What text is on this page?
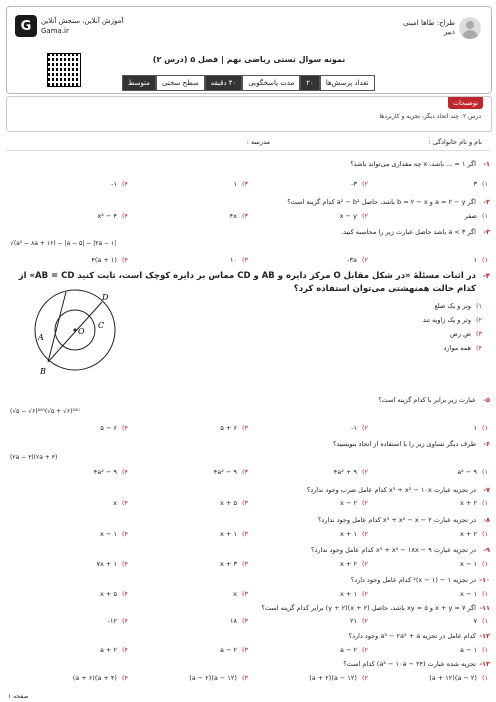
G	آموزش آنلاین، سنجش آنلاین
Gama.ir
طراح: طاها امینی
دبیر
نمونه سوال تستی ریاضی نهم | فصل ۵ (درس ۲)
تعداد پرسش‌ها
۲۰
مدت پاسخگویی
۴۰ دقیقه
سطح سختی
متوسط
توضیحات
درس ۲: چند اتحاد دیگر، تجزیه و کاربردها
نام و نام خانوادگی :
مدرسه :
۱-
اگر ۱ = ... باشد، x چه مقداری می‌تواند باشد؟
۱)۳
۲)-۳
۳)۱
۴)-۱
۲-
اگر a = ۲ − y و b = ۲ − x باشد، حاصل a² − b² کدام گزینه است؟
۱)صفر
۲)x − y
۳)۴x
۴)x² − ۴
۳-
اگر a < ۳ باشد حاصل عبارت زیر را محاسبه کنید.
√(a² − ۸a + ۱۶) − |a − ۵| − |۳a − ۱|
۱)۱
۲)-۳a
۳)۱۰
۴)۴(a + ۱)
۴-
در اثبات مسئلهٔ «در شکل مقابل O مرکز دایره و AB و CD مماس بر دایره کوچک است، ثابت کنید AB = CD» از کدام حالت همنهشتی می‌توان استفاده کرد؟
۱)وتر و یک ضلع
۲)وتر و یک زاویه تند
۳)ض زض
۴)همه موارد
O
A
C
D
B
۵-
عبارت زیر برابر با کدام گزینه است؟
(√۵ − √۶)²⁰⁰(√۵ + √۶)²⁰⁰
۱)۱
۲)-۱
۳)۵ + ۶
۴)۵ − ۶
۶-
طرف دیگر تساوی زیر را با استفاده از اتحاد بنویسید؟
(۲a − ۳)(۲a + ۳)
۱)a² − ۹
۲)۴a² + ۹
۳)۴a² − ۹
۴)۴a² − ۹
۷-
در تجزیه عبارت x³ + x² − ۱۰x کدام عامل ضرب وجود ندارد؟
۱)x + ۲
۲)x − ۲
۳)x + ۵
۴)x
۸-
در تجزیه عبارت x³ + x² − x − ۲ کدام عامل وجود ندارد؟
۱)x + ۲
۲)x + ۱
۳)x + ۱
۴)x − ۱
۹-
در تجزیه عبارت x³ + x² − ۱۸x − ۹ کدام عامل وجود ندارد؟
۱)x − ۱
۲)x + ۲
۳)x + ۳
۴)۷x + ۱
۱۰-
در تجزیه ۱ − (x − ۱)² کدام عامل وجود دارد؟
۱)x − ۱
۲)x + ۱
۳)x
۴)x + ۵
۱۱-
اگر x + y = ۷ و xy = ۵ باشد، حاصل (x + ۲)(y + ۲) برابر کدام گزینه است؟
۱)۷
۲)۲۱
۳)۱۸
۴)-۱۲
۱۲-
کدام عامل در تجزیه a³ − ۲a² + a وجود دارد؟
۱)a − ۱
۲)a − ۲
۳)a − ۲
۴)a + ۲
۱۳-
تجزیه شده عبارت (a² − ۱۰a − ۲۴) کدام است؟
۱)(a + ۱۲)(a − ۲)
۲)(a + ۲)(a − ۱۲)
۳)(a − ۲)(a − ۱۲)
۴)(a + ۶)(a + ۴)
صفحه ۱
